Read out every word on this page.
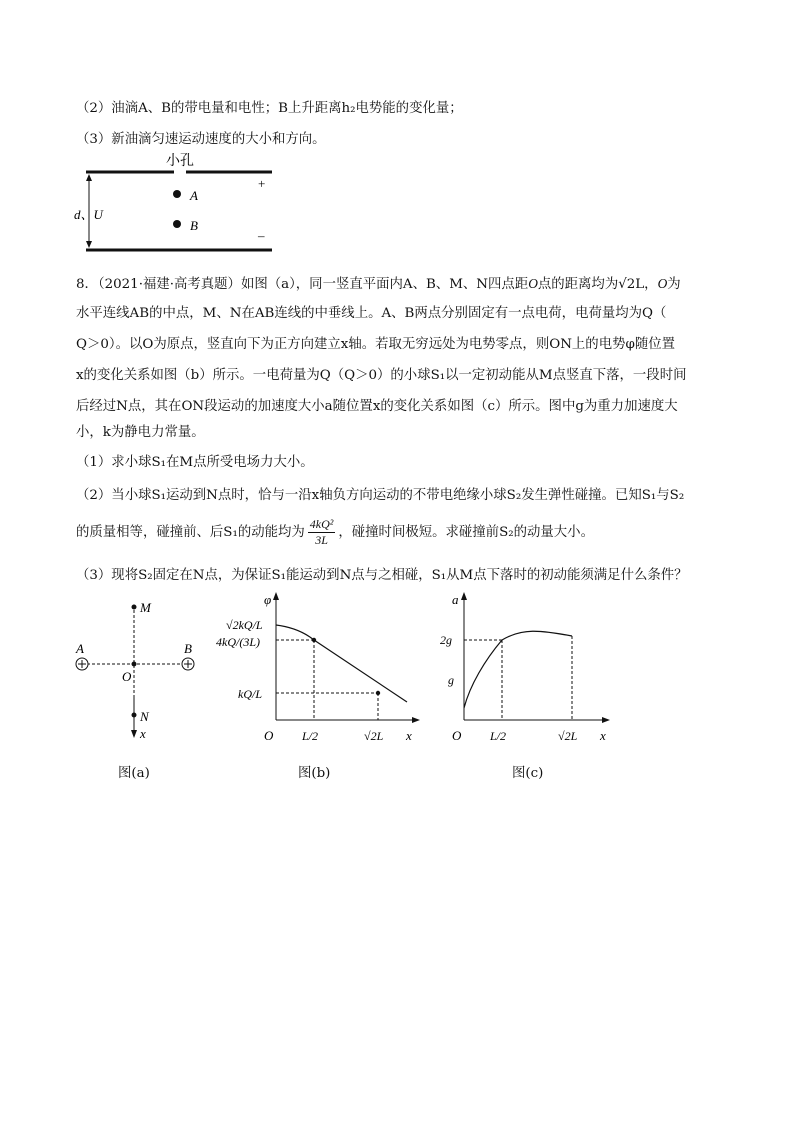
（2）油滴A、B的带电量和电性；B上升距离h₂电势能的变化量；
（3）新油滴匀速运动速度的大小和方向。
小孔
+
–
d、U
A
B
8．（2021·福建·高考真题）如图（a），同一竖直平面内A、B、M、N四点距O点的距离均为√2L，O为
水平连线AB的中点，M、N在AB连线的中垂线上。A、B两点分别固定有一点电荷，电荷量均为Q（
Q＞0）。以O为原点，竖直向下为正方向建立x轴。若取无穷远处为电势零点，则ON上的电势φ随位置
x的变化关系如图（b）所示。一电荷量为Q（Q＞0）的小球S₁以一定初动能从M点竖直下落，一段时间
后经过N点，其在ON段运动的加速度大小a随位置x的变化关系如图（c）所示。图中g为重力加速度大
小，k为静电力常量。
（1）求小球S₁在M点所受电场力大小。
（2）当小球S₁运动到N点时，恰与一沿x轴负方向运动的不带电绝缘小球S₂发生弹性碰撞。已知S₁与S₂
的质量相等，碰撞前、后S₁的动能均为 $\frac{\text{4kQ²}}{3L}$ ，碰撞时间极短。求碰撞前S₂的动量大小。
（3）现将S₂固定在N点，为保证S₁能运动到N点与之相碰，S₁从M点下落时的初动能须满足什么条件？
M
O
N
x
A	B
图(a)
φ
O	x
√2kQ/L
4kQ/(3L)
kQ/L
L/2	√2L
图(b)
a
O	x
2g
g
L/2	√2L
图(c)
